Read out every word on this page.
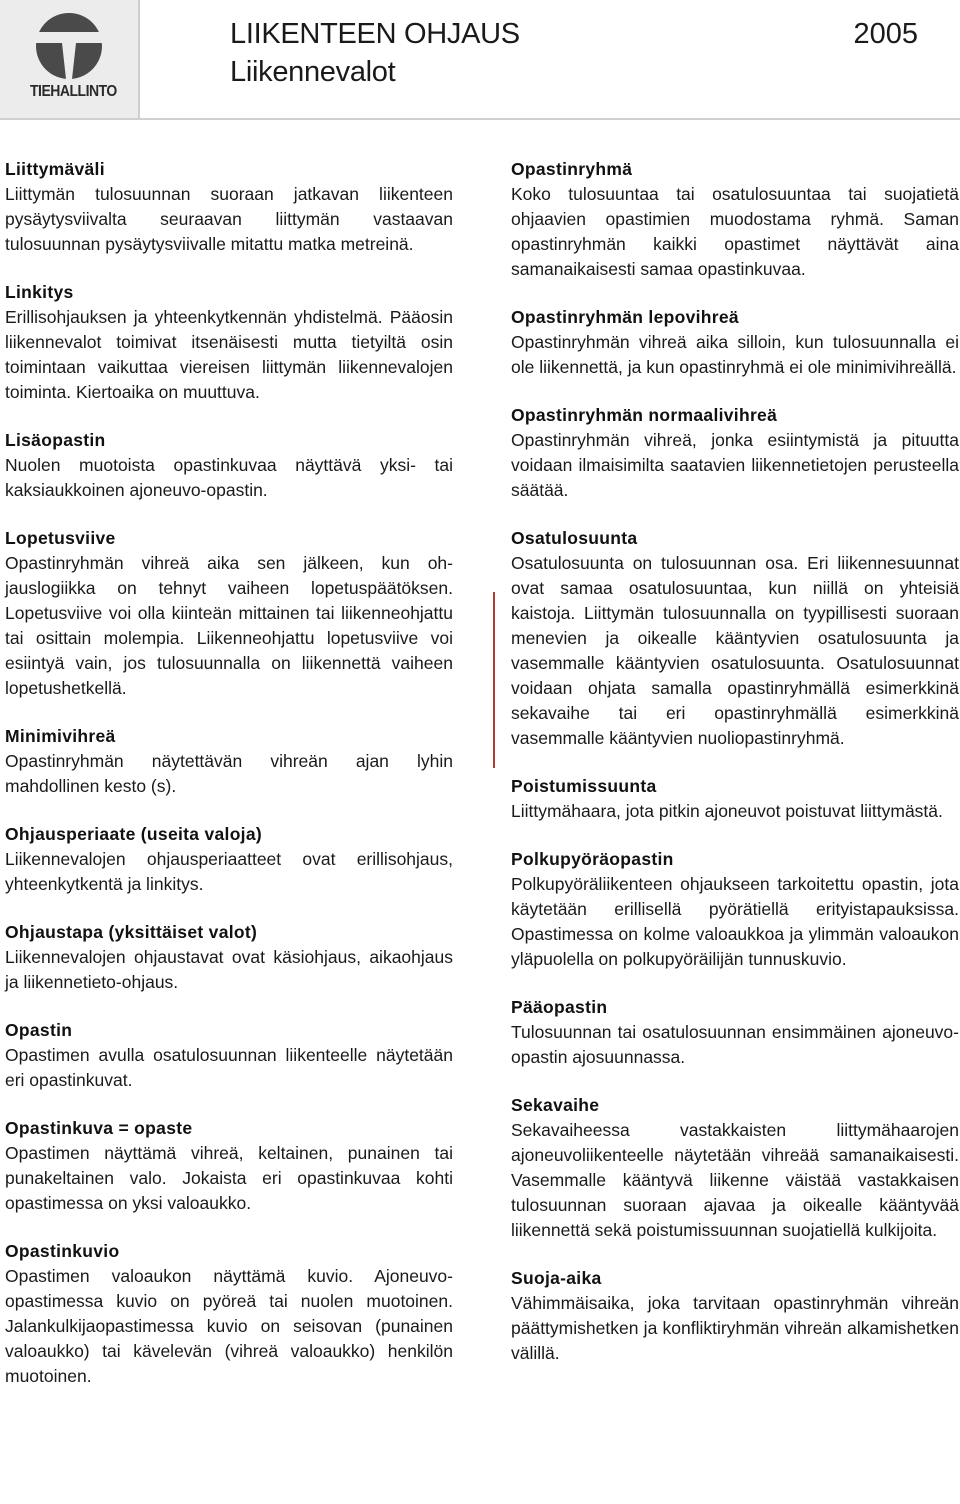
TIEHALLINTO
LIIKENTEEN OHJAUS
Liikennevalot
2005
Liittymäväli
Liittymän tulosuunnan suoraan jatkavan liikenteen pysäytysviivalta seuraavan liittymän vastaavan tulosuunnan pysäytysviivalle mitattu matka metreinä.
Linkitys
Erillisohjauksen ja yhteenkytkennän yhdistelmä. Pääosin liikennevalot toimivat itsenäisesti mutta tietyiltä osin toimintaan vaikuttaa viereisen liittymän liikennevalojen toiminta. Kiertoaika on muuttuva.
Lisäopastin
Nuolen muotoista opastinkuvaa näyttävä yksi- tai kaksiaukkoinen ajoneuvo-opastin.
Lopetusviive
Opastinryhmän vihreä aika sen jälkeen, kun ohjauslogiikka on tehnyt vaiheen lopetuspäätöksen. Lopetusviive voi olla kiinteän mittainen tai liikenneohjattu tai osittain molempia. Liikenneohjattu lopetusviive voi esiintyä vain, jos tulosuunnalla on liikennettä vaiheen lopetushetkellä.
Minimivihreä
Opastinryhmän näytettävän vihreän ajan lyhin mahdollinen kesto (s).
Ohjausperiaate (useita valoja)
Liikennevalojen ohjausperiaatteet ovat erillisohjaus, yhteenkytkentä ja linkitys.
Ohjaustapa (yksittäiset valot)
Liikennevalojen ohjaustavat ovat käsiohjaus, aikaohjaus ja liikennetieto-ohjaus.
Opastin
Opastimen avulla osatulosuunnan liikenteelle näytetään eri opastinkuvat.
Opastinkuva = opaste
Opastimen näyttämä vihreä, keltainen, punainen tai punakeltainen valo. Jokaista eri opastinkuvaa kohti opastimessa on yksi valoaukko.
Opastinkuvio
Opastimen valoaukon näyttämä kuvio. Ajoneuvoopastimessa kuvio on pyöreä tai nuolen muotoinen. Jalankulkijaopastimessa kuvio on seisovan (punainen valoaukko) tai kävelevän (vihreä valoaukko) henkilön muotoinen.
Opastinryhmä
Koko tulosuuntaa tai osatulosuuntaa tai suojatietä ohjaavien opastimien muodostama ryhmä. Saman opastinryhmän kaikki opastimet näyttävät aina samanaikaisesti samaa opastinkuvaa.
Opastinryhmän lepovihreä
Opastinryhmän vihreä aika silloin, kun tulosuunnalla ei ole liikennettä, ja kun opastinryhmä ei ole minimivihreällä.
Opastinryhmän normaalivihreä
Opastinryhmän vihreä, jonka esiintymistä ja pituutta voidaan ilmaisimilta saatavien liikennetietojen perusteella säätää.
Osatulosuunta
Osatulosuunta on tulosuunnan osa. Eri liikennesuunnat ovat samaa osatulosuuntaa, kun niillä on yhteisiä kaistoja. Liittymän tulosuunnalla on tyypillisesti suoraan menevien ja oikealle kääntyvien osatulosuunta ja vasemmalle kääntyvien osatulosuunta. Osatulosuunnat voidaan ohjata samalla opastinryhmällä esimerkkinä sekavaihe tai eri opastinryhmällä esimerkkinä vasemmalle kääntyvien nuoliopastinryhmä.
Poistumissuunta
Liittymähaara, jota pitkin ajoneuvot poistuvat liittymästä.
Polkupyöräopastin
Polkupyöräliikenteen ohjaukseen tarkoitettu opastin, jota käytetään erillisellä pyörätiellä erityistapauksissa. Opastimessa on kolme valoaukkoa ja ylimmän valoaukon yläpuolella on polkupyöräilijän tunnuskuvio.
Pääopastin
Tulosuunnan tai osatulosuunnan ensimmäinen ajoneuvo-opastin ajosuunnassa.
Sekavaihe
Sekavaiheessa vastakkaisten liittymähaarojen ajoneuvoliikenteelle näytetään vihreää samanaikaisesti. Vasemmalle kääntyvä liikenne väistää vastakkaisen tulosuunnan suoraan ajavaa ja oikealle kääntyvää liikennettä sekä poistumissuunnan suojatiellä kulkijoita.
Suoja-aika
Vähimmäisaika, joka tarvitaan opastinryhmän vihreän päättymishetken ja konfliktiryhmän vihreän alkamishetken välillä.
